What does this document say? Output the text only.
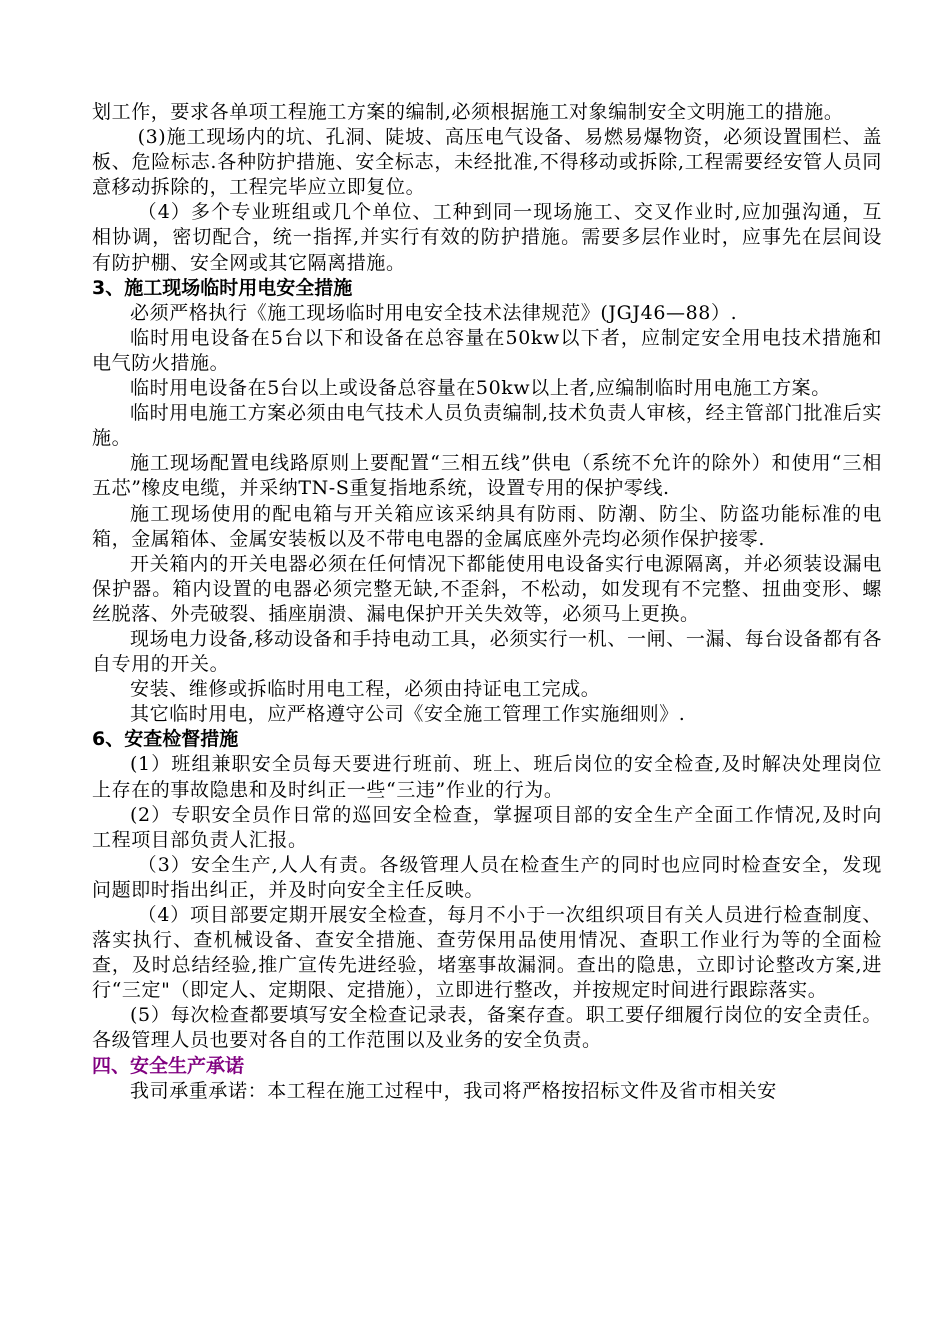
划工作，要求各单项工程施工方案的编制,必须根据施工对象编制安全文明施工的措施。

(3)施工现场内的坑、孔洞、陡坡、高压电气设备、易燃易爆物资，必须设置围栏、盖板、危险标志.各种防护措施、安全标志，未经批准,不得移动或拆除,工程需要经安管人员同意移动拆除的，工程完毕应立即复位。

（4）多个专业班组或几个单位、工种到同一现场施工、交叉作业时,应加强沟通，互相协调，密切配合，统一指挥,并实行有效的防护措施。需要多层作业时，应事先在层间设有防护棚、安全网或其它隔离措施。

3、施工现场临时用电安全措施

必须严格执行《施工现场临时用电安全技术法律规范》(JGJ46—88）.

临时用电设备在5台以下和设备在总容量在50kw以下者，应制定安全用电技术措施和电气防火措施。

临时用电设备在5台以上或设备总容量在50kw以上者,应编制临时用电施工方案。

临时用电施工方案必须由电气技术人员负责编制,技术负责人审核，经主管部门批准后实施。

施工现场配置电线路原则上要配置“三相五线”供电（系统不允许的除外）和使用“三相五芯”橡皮电缆，并采纳TN-S重复指地系统，设置专用的保护零线.

施工现场使用的配电箱与开关箱应该采纳具有防雨、防潮、防尘、防盗功能标准的电箱，金属箱体、金属安装板以及不带电电器的金属底座外壳均必须作保护接零.

开关箱内的开关电器必须在任何情况下都能使用电设备实行电源隔离，并必须装设漏电保护器。箱内设置的电器必须完整无缺,不歪斜，不松动，如发现有不完整、扭曲变形、螺丝脱落、外壳破裂、插座崩溃、漏电保护开关失效等，必须马上更换。

现场电力设备,移动设备和手持电动工具，必须实行一机、一闸、一漏、每台设备都有各自专用的开关。

安装、维修或拆临时用电工程，必须由持证电工完成。

其它临时用电，应严格遵守公司《安全施工管理工作实施细则》.

6、安查检督措施

(1）班组兼职安全员每天要进行班前、班上、班后岗位的安全检查,及时解决处理岗位上存在的事故隐患和及时纠正一些“三违”作业的行为。

(2）专职安全员作日常的巡回安全检查，掌握项目部的安全生产全面工作情况,及时向工程项目部负责人汇报。

（3）安全生产,人人有责。各级管理人员在检查生产的同时也应同时检查安全，发现问题即时指出纠正，并及时向安全主任反映。

（4）项目部要定期开展安全检查，每月不小于一次组织项目有关人员进行检查制度、落实执行、查机械设备、查安全措施、查劳保用品使用情况、查职工作业行为等的全面检查，及时总结经验,推广宣传先进经验，堵塞事故漏洞。查出的隐患，立即讨论整改方案,进行“三定"（即定人、定期限、定措施），立即进行整改，并按规定时间进行跟踪落实。

(5）每次检查都要填写安全检查记录表，备案存查。职工要仔细履行岗位的安全责任。各级管理人员也要对各自的工作范围以及业务的安全负责。

四、安全生产承诺

我司承重承诺：本工程在施工过程中，我司将严格按招标文件及省市相关安
